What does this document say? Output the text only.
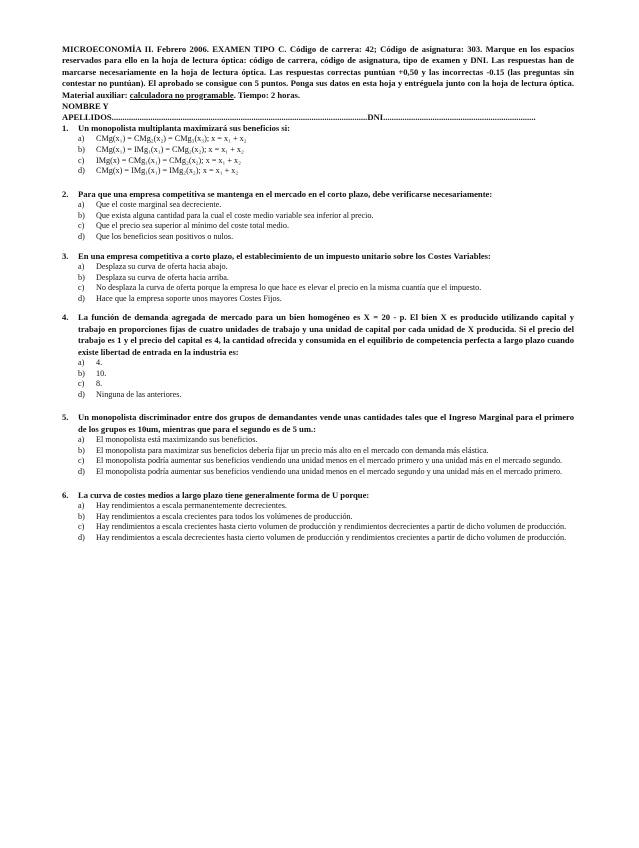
MICROECONOMÍA II. Febrero 2006. EXAMEN TIPO C. Código de carrera: 42; Código de asignatura: 303. Marque en los espacios reservados para ello en la hoja de lectura óptica: código de carrera, código de asignatura, tipo de examen y DNI. Las respuestas han de marcarse necesariamente en la hoja de lectura óptica. Las respuestas correctas puntúan +0,50 y las incorrectas -0.15 (las preguntas sin contestar no puntúan). El aprobado se consigue con 5 puntos. Ponga sus datos en esta hoja y entréguela junto con la hoja de lectura óptica. Material auxiliar: calculadora no programable. Tiempo: 2 horas.
NOMBRE Y
APELLIDOS.......................................................................................................................DNI.......................................................................
1.	Un monopolista multiplanta maximizará sus beneficios si:
a)	CMg(x₁) = CMg₂(x₂) = CMg₃(x₃); x = x₁ + x₂
b)	CMg(x₁) = IMg₁(x₁) = CMg₂(x₂); x = x₁ + x₂
c)	IMg(x) = CMg₁(x₁) = CMg₂(x₂); x = x₁ + x₂
d)	CMg(x) = IMg₁(x₁) = IMg₂(x₂); x = x₁ + x₂
2.	Para que una empresa competitiva se mantenga en el mercado en el corto plazo, debe verificarse necesariamente:
a)	Que el coste marginal sea decreciente.
b)	Que exista alguna cantidad para la cual el coste medio variable sea inferior al precio.
c)	Que el precio sea superior al mínimo del coste total medio.
d)	Que los beneficios sean positivos o nulos.
3.	En una empresa competitiva a corto plazo, el establecimiento de un impuesto unitario sobre los Costes Variables:
a)	Desplaza su curva de oferta hacia abajo.
b)	Desplaza su curva de oferta hacia arriba.
c)	No desplaza la curva de oferta porque la empresa lo que hace es elevar el precio en la misma cuantía que el impuesto.
d)	Hace que la empresa soporte unos mayores Costes Fijos.
4.	La función de demanda agregada de mercado para un bien homogéneo es X = 20 - p. El bien X es producido utilizando capital y trabajo en proporciones fijas de cuatro unidades de trabajo y una unidad de capital por cada unidad de X producida. Si el precio del trabajo es 1 y el precio del capital es 4, la cantidad ofrecida y consumida en el equilibrio de competencia perfecta a largo plazo cuando existe libertad de entrada en la industria es:
a)	4.
b)	10.
c)	8.
d)	Ninguna de las anteriores.
5.	Un monopolista discriminador entre dos grupos de demandantes vende unas cantidades tales que el Ingreso Marginal para el primero de los grupos es 10um, mientras que para el segundo es de 5 um.:
a)	El monopolista está maximizando sus beneficios.
b)	El monopolista para maximizar sus beneficios debería fijar un precio más alto en el mercado con demanda más elástica.
c)	El monopolista podría aumentar sus beneficios vendiendo una unidad menos en el mercado primero y una unidad más en el mercado segundo.
d)	El monopolista podría aumentar sus beneficios vendiendo una unidad menos en el mercado segundo y una unidad más en el mercado primero.
6.	La curva de costes medios a largo plazo tiene generalmente forma de U porque:
a)	Hay rendimientos a escala permanentemente decrecientes.
b)	Hay rendimientos a escala crecientes para todos los volúmenes de producción.
c)	Hay rendimientos a escala crecientes hasta cierto volumen de producción y rendimientos decrecientes a partir de dicho volumen de producción.
d)	Hay rendimientos a escala decrecientes hasta cierto volumen de producción y rendimientos crecientes a partir de dicho volumen de producción.
